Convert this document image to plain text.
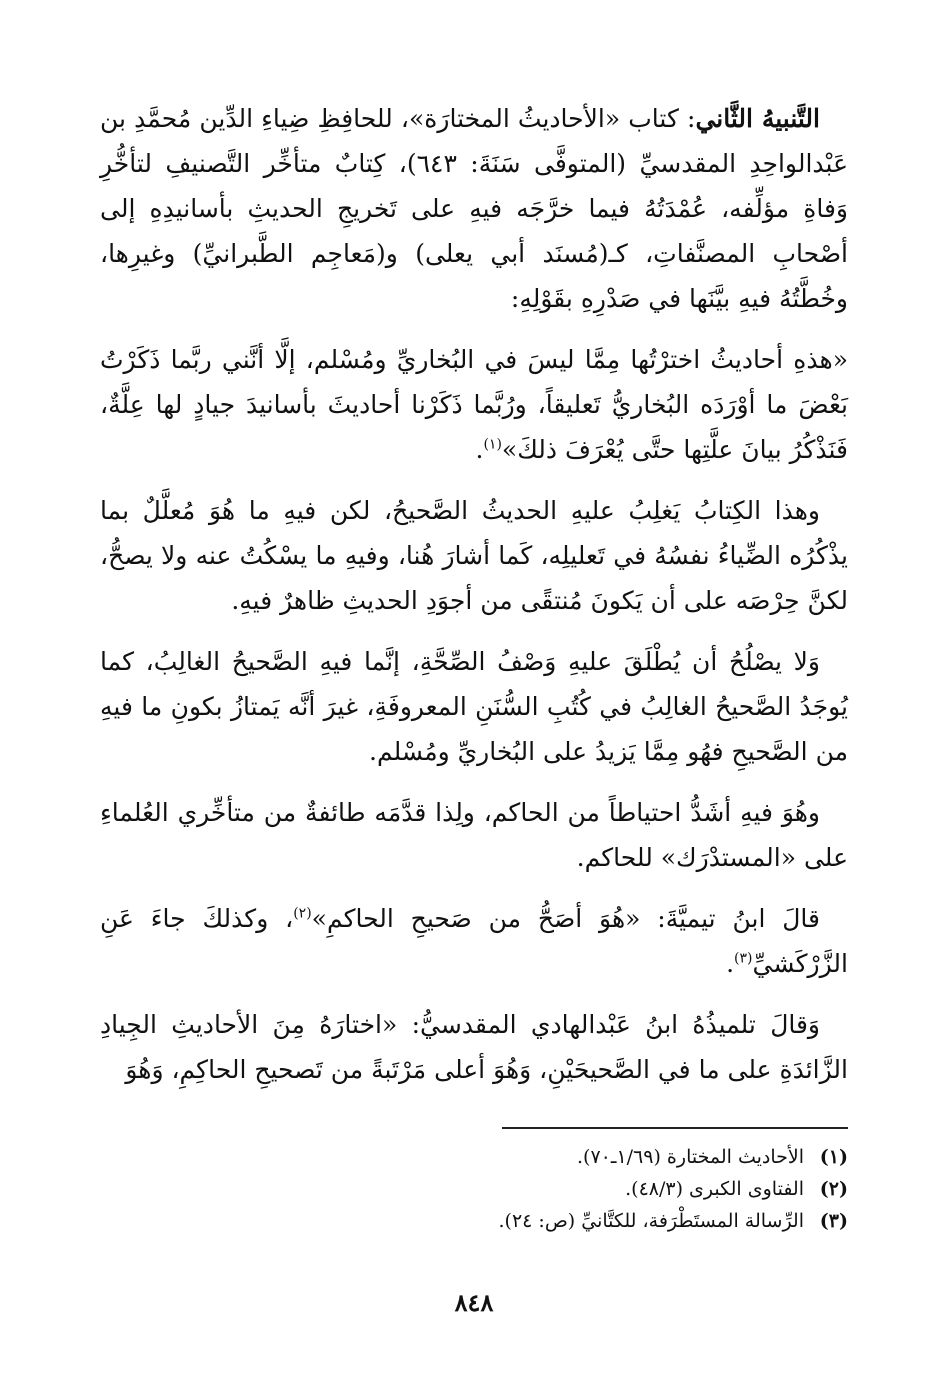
التَّنبيهُ الثَّاني: كتاب «الأحاديثُ المختارَة»، للحافِظِ ضِياءِ الدِّين مُحمَّدِ بن عَبْدالواحِدِ المقدسيِّ (المتوفَّى سَنَةَ: ٦٤٣)، كِتابٌ متأخِّر التَّصنيفِ لتأخُّرِ وَفاةِ مؤلِّفه، عُمْدَتُهُ فيما خرَّجَه فيهِ على تَخريجِ الحديثِ بأسانيدِهِ إلى أصْحابِ المصنَّفاتِ، كـ(مُسنَد أبي يعلى) و(مَعاجِم الطَّبرانيِّ) وغيرِها، وخُطَّتُهُ فيهِ بيَّنَها في صَدْرِهِ بقَوْلِهِ:

«هذهِ أحاديثُ اخترْتُها مِمَّا ليسَ في البُخاريِّ ومُسْلم، إلَّا أنَّني ربَّما ذَكَرْتُ بَعْضَ ما أوْرَدَه البُخاريُّ تَعليقاً، ورُبَّما ذَكَرْنا أحاديثَ بأسانيدَ جيادٍ لها عِلَّةٌ، فَنَذْكُرُ بيانَ علَّتِها حتَّى يُعْرَفَ ذلكَ»$^{(١)}$.

وهذا الكِتابُ يَغلِبُ عليهِ الحديثُ الصَّحيحُ، لكن فيهِ ما هُوَ مُعلَّلٌ بما يذْكُرُه الضِّياءُ نفسُهُ في تَعليلِه، كَما أشارَ هُنا، وفيهِ ما يسْكُتُ عنه ولا يصحُّ، لكنَّ حِرْصَه على أن يَكونَ مُنتقًى من أجوَدِ الحديثِ ظاهرٌ فيهِ.

وَلا يصْلُحُ أن يُطْلَقَ عليهِ وَصْفُ الصِّحَّةِ، إنَّما فيهِ الصَّحيحُ الغالِبُ، كما يُوجَدُ الصَّحيحُ الغالِبُ في كُتُبِ السُّنَنِ المعروفَةِ، غيرَ أنَّه يَمتازُ بكونِ ما فيهِ من الصَّحيحِ فهُو مِمَّا يَزيدُ على البُخاريِّ ومُسْلم.

وهُوَ فيهِ أشَدُّ احتياطاً من الحاكم، ولِذا قدَّمَه طائفةٌ من متأخِّري العُلماءِ على «المستدْرَك» للحاكم.

قالَ ابنُ تيميَّةَ: «هُوَ أصَحُّ من صَحيحِ الحاكمِ»$^{(٢)}$، وكذلكَ جاءَ عَنِ الزَّرْكَشيِّ$^{(٣)}$.

وَقالَ تلميذُهُ ابنُ عَبْدالهادي المقدسيُّ: «اختارَهُ مِنَ الأحاديثِ الجِيادِ الزَّائدَةِ على ما في الصَّحيحَيْنِ، وَهُوَ أعلى مَرْتَبةً من تَصحيحِ الحاكِمِ، وَهُوَ

(١)
الأحاديث المختارة (١/٦٩ـ٧٠).
(٢)
الفتاوى الكبرى (٤٨/٣).
(٣)
الرِّسالة المستَطْرَفة، للكتَّانيِّ (ص: ٢٤).
٨٤٨
